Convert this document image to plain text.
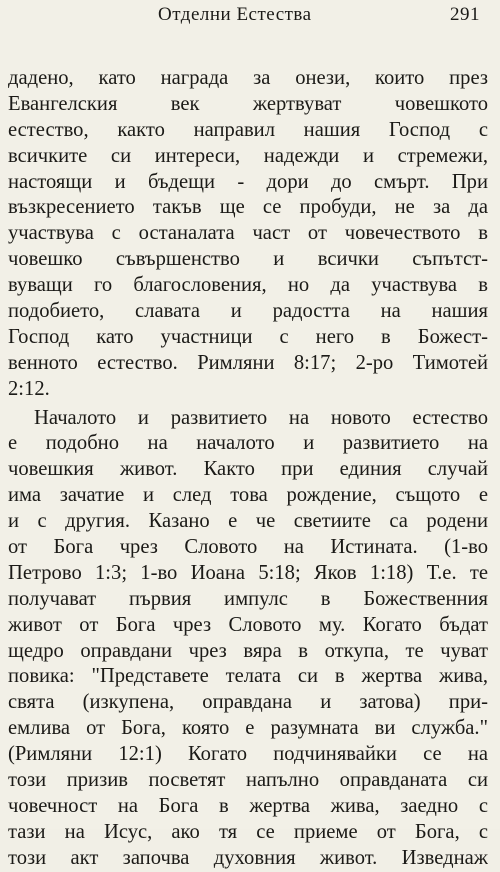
Отделни Естества	291
дадено, като награда за онези, които през
Евангелския век жертвуват човешкото
естество, както направил нашия Господ с
всичките си интереси, надежди и стремежи,
настоящи и бъдещи - дори до смърт. При
възкресението такъв ще се пробуди, не за да
участвува с останалата част от човечеството в
човешко съвършенство и всички съпътст-
вуващи го благословения, но да участвува в
подобието, славата и радостта на нашия
Господ като участници с него в Божест-
венното естество. Римляни 8:17; 2-ро Тимотей
2:12.
Началото и развитието на новото естество
е подобно на началото и развитието на
човешкия живот. Както при единия случай
има зачатие и след това рождение, същото е
и с другия. Казано е че светиите са родени
от Бога чрез Словото на Истината. (1-во
Петрово 1:3; 1-во Иоана 5:18; Яков 1:18) Т.е. те
получават първия импулс в Божественния
живот от Бога чрез Словото му. Когато бъдат
щедро оправдани чрез вяра в откупа, те чуват
повика: "Представете телата си в жертва жива,
свята (изкупена, оправдана и затова) при-
емлива от Бога, която е разумната ви служба."
(Римляни 12:1) Когато подчинявайки се на
този призив посветят напълно оправданата си
човечност на Бога в жертва жива, заедно с
тази на Исус, ако тя се приеме от Бога, с
този акт започва духовния живот. Изведнаж
